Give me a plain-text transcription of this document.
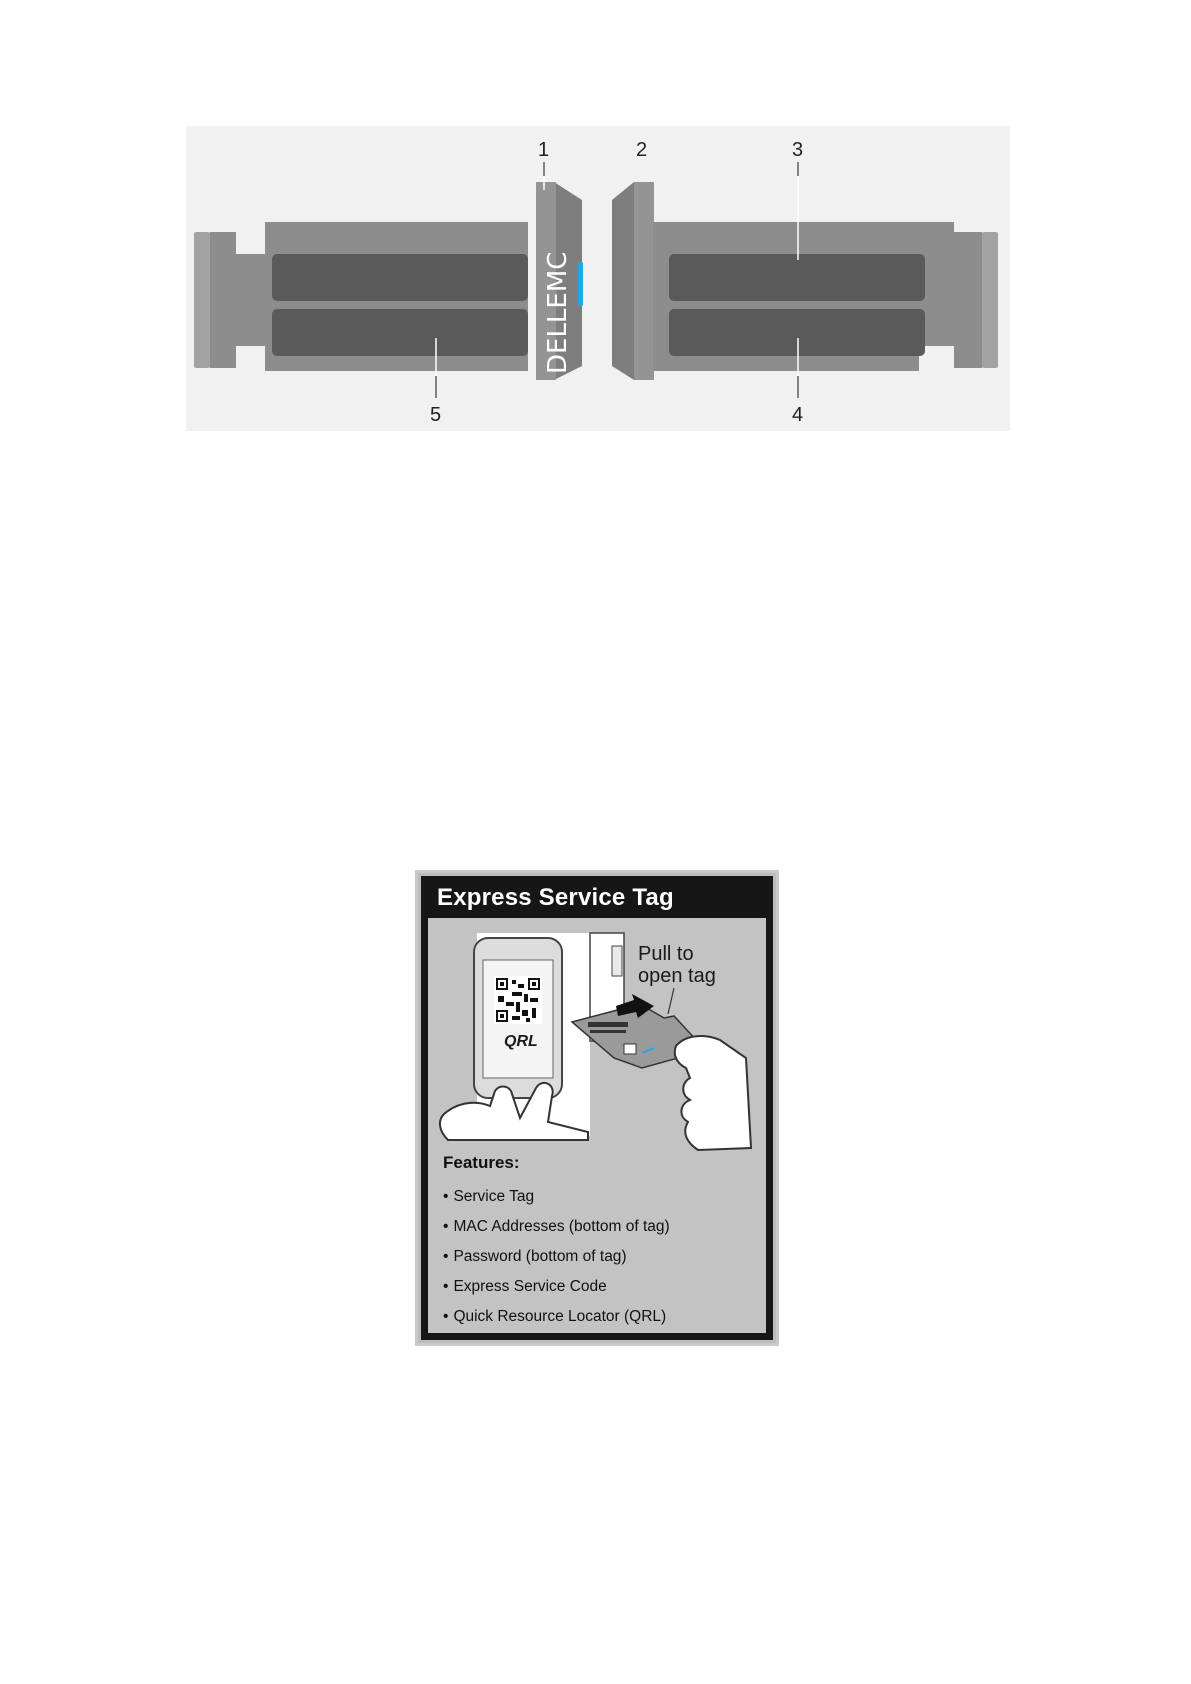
DELLEMC
1	2	3
4
5
Express Service Tag
QRL
Pull to
open tag
Features:
• Service Tag
• MAC Addresses (bottom of tag)
• Password (bottom of tag)
• Express Service Code
• Quick Resource Locator (QRL)
